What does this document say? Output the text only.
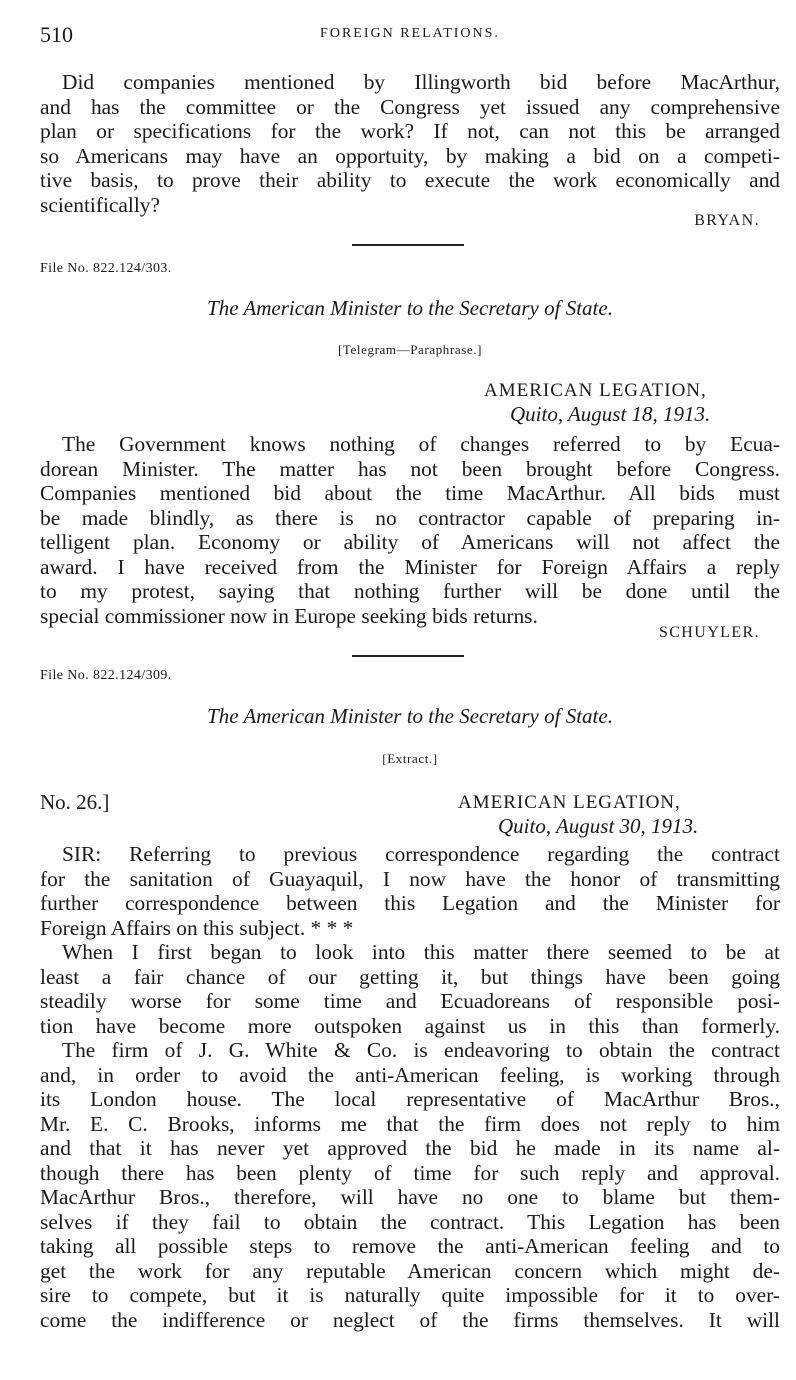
510	FOREIGN RELATIONS.
Did companies mentioned by Illingworth bid before MacArthur,
and has the committee or the Congress yet issued any comprehensive
plan or specifications for the work? If not, can not this be arranged
so Americans may have an opportuity, by making a bid on a competi-
tive basis, to prove their ability to execute the work economically and
scientifically?
BRYAN.
File No. 822.124/303.
The American Minister to the Secretary of State.
[Telegram—Paraphrase.]
AMERICAN LEGATION,
Quito, August 18, 1913.
The Government knows nothing of changes referred to by Ecua-
dorean Minister. The matter has not been brought before Congress.
Companies mentioned bid about the time MacArthur. All bids must
be made blindly, as there is no contractor capable of preparing in-
telligent plan. Economy or ability of Americans will not affect the
award. I have received from the Minister for Foreign Affairs a reply
to my protest, saying that nothing further will be done until the
special commissioner now in Europe seeking bids returns.
SCHUYLER.
File No. 822.124/309.
The American Minister to the Secretary of State.
[Extract.]
No. 26.]	AMERICAN LEGATION,
Quito, August 30, 1913.
SIR: Referring to previous correspondence regarding the contract
for the sanitation of Guayaquil, I now have the honor of transmitting
further correspondence between this Legation and the Minister for
Foreign Affairs on this subject. * * *
When I first began to look into this matter there seemed to be at
least a fair chance of our getting it, but things have been going
steadily worse for some time and Ecuadoreans of responsible posi-
tion have become more outspoken against us in this than formerly.
The firm of J. G. White & Co. is endeavoring to obtain the contract
and, in order to avoid the anti-American feeling, is working through
its London house. The local representative of MacArthur Bros.,
Mr. E. C. Brooks, informs me that the firm does not reply to him
and that it has never yet approved the bid he made in its name al-
though there has been plenty of time for such reply and approval.
MacArthur Bros., therefore, will have no one to blame but them-
selves if they fail to obtain the contract. This Legation has been
taking all possible steps to remove the anti-American feeling and to
get the work for any reputable American concern which might de-
sire to compete, but it is naturally quite impossible for it to over-
come the indifference or neglect of the firms themselves. It will
